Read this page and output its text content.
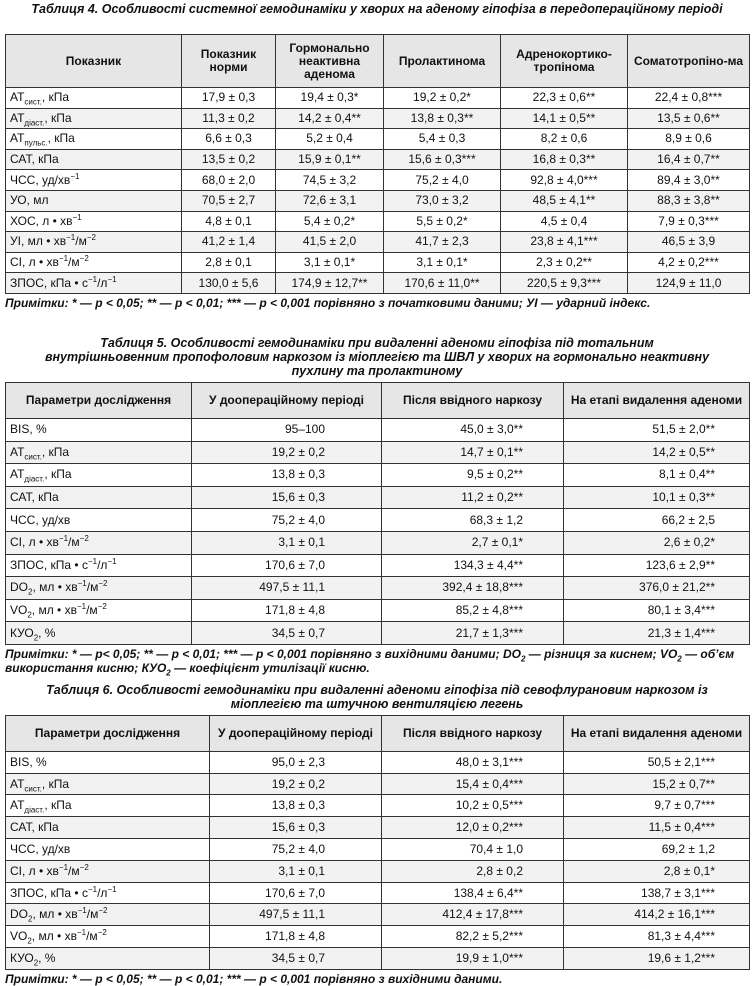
Таблиця 4. Особливості системної гемодинаміки у хворих на аденому гіпофіза в передопераційному періоді
Показник	Показник норми	Гормонально неактивна аденома	Пролактинома	Адренокортико-тропінома	Соматотропіно-ма
$АТ_{сист.}$, кПа	17,9 ± 0,3	19,4 ± 0,3*	19,2 ± 0,2*	22,3 ± 0,6**	22,4 ± 0,8***
$АТ_{діаст.}$, кПа	11,3 ± 0,2	14,2 ± 0,4**	13,8 ± 0,3**	14,1 ± 0,5**	13,5 ± 0,6**
$АТ_{пульс.}$, кПа	6,6 ± 0,3	5,2 ± 0,4	5,4 ± 0,3	8,2 ± 0,6	8,9 ± 0,6
САТ, кПа	13,5 ± 0,2	15,9 ± 0,1**	15,6 ± 0,3***	16,8 ± 0,3**	16,4 ± 0,7**
ЧСС, $уд/хв^{-1}$	68,0 ± 2,0	74,5 ± 3,2	75,2 ± 4,0	92,8 ± 4,0***	89,4 ± 3,0**
УО, мл	70,5 ± 2,7	72,6 ± 3,1	73,0 ± 3,2	48,5 ± 4,1**	88,3 ± 3,8**
ХОС, л • $хв^{-1}$	4,8 ± 0,1	5,4 ± 0,2*	5,5 ± 0,2*	4,5 ± 0,4	7,9 ± 0,3***
УІ, мл • $хв^{-1}/м^{-2}$	41,2 ± 1,4	41,5 ± 2,0	41,7 ± 2,3	23,8 ± 4,1***	46,5 ± 3,9
СІ, л • $хв^{-1}/м^{-2}$	2,8 ± 0,1	3,1 ± 0,1*	3,1 ± 0,1*	2,3 ± 0,2**	4,2 ± 0,2***
ЗПОС, кПа • $с^{-1}/л^{-1}$	130,0 ± 5,6	174,9 ± 12,7**	170,6 ± 11,0**	220,5 ± 9,3***	124,9 ± 11,0
Примітки: * — p < 0,05; ** — p < 0,01; *** — p < 0,001 порівняно з початковими даними; УІ — ударний індекс.
Таблиця 5. Особливості гемодинаміки при видаленні аденоми гіпофіза під тотальним внутрішньовенним пропофоловим наркозом із міоплегією та ШВЛ у хворих на гормонально неактивну пухлину та пролактиному
Параметри дослідження	У доопераційному періоді	Після ввідного наркозу	На етапі видалення аденоми
BIS, %	95–100	45,0 ± 3,0**	51,5 ± 2,0**
$АТ_{сист.}$, кПа	19,2 ± 0,2	14,7 ± 0,1**	14,2 ± 0,5**
$АТ_{діаст.}$, кПа	13,8 ± 0,3	9,5 ± 0,2**	8,1 ± 0,4**
САТ, кПа	15,6 ± 0,3	11,2 ± 0,2**	10,1 ± 0,3**
ЧСС, уд/хв	75,2 ± 4,0	68,3 ± 1,2	66,2 ± 2,5
СІ, л • $хв^{-1}/м^{-2}$	3,1 ± 0,1	2,7 ± 0,1*	2,6 ± 0,2*
ЗПОС, кПа • $с^{-1}/л^{-1}$	170,6 ± 7,0	134,3 ± 4,4**	123,6 ± 2,9**
$DO_2$, мл • $хв^{-1}/м^{-2}$	497,5 ± 11,1	392,4 ± 18,8***	376,0 ± 21,2**
$VO_2$, мл • $хв^{-1}/м^{-2}$	171,8 ± 4,8	85,2 ± 4,8***	80,1 ± 3,4***
$КУО_2$, %	34,5 ± 0,7	21,7 ± 1,3***	21,3 ± 1,4***
Примітки: * — p< 0,05; ** — p < 0,01; *** — p < 0,001 порівняно з вихідними даними; $DO_2$ — різниця за киснем; $VO_2$ — об’єм використання кисню; $КУО_2$ — коефіцієнт утилізації кисню.
Таблиця 6. Особливості гемодинаміки при видаленні аденоми гіпофіза під севофлурановим наркозом із міоплегією та штучною вентиляцією легень
Параметри дослідження	У доопераційному періоді	Після ввідного наркозу	На етапі видалення аденоми
BIS, %	95,0 ± 2,3	48,0 ± 3,1***	50,5 ± 2,1***
$АТ_{сист.}$, кПа	19,2 ± 0,2	15,4 ± 0,4***	15,2 ± 0,7**
$АТ_{діаст.}$, кПа	13,8 ± 0,3	10,2 ± 0,5***	9,7 ± 0,7***
САТ, кПа	15,6 ± 0,3	12,0 ± 0,2***	11,5 ± 0,4***
ЧСС, уд/хв	75,2 ± 4,0	70,4 ± 1,0	69,2 ± 1,2
СІ, л • $хв^{-1}/м^{-2}$	3,1 ± 0,1	2,8 ± 0,2	2,8 ± 0,1*
ЗПОС, кПа • $с^{-1}/л^{-1}$	170,6 ± 7,0	138,4 ± 6,4**	138,7 ± 3,1***
$DO_2$, мл • $хв^{-1}/м^{-2}$	497,5 ± 11,1	412,4 ± 17,8***	414,2 ± 16,1***
$VO_2$, мл • $хв^{-1}/м^{-2}$	171,8 ± 4,8	82,2 ± 5,2***	81,3 ± 4,4***
$КУО_2$, %	34,5 ± 0,7	19,9 ± 1,0***	19,6 ± 1,2***
Примітки: * — p < 0,05; ** — p < 0,01; *** — p < 0,001 порівняно з вихідними даними.
